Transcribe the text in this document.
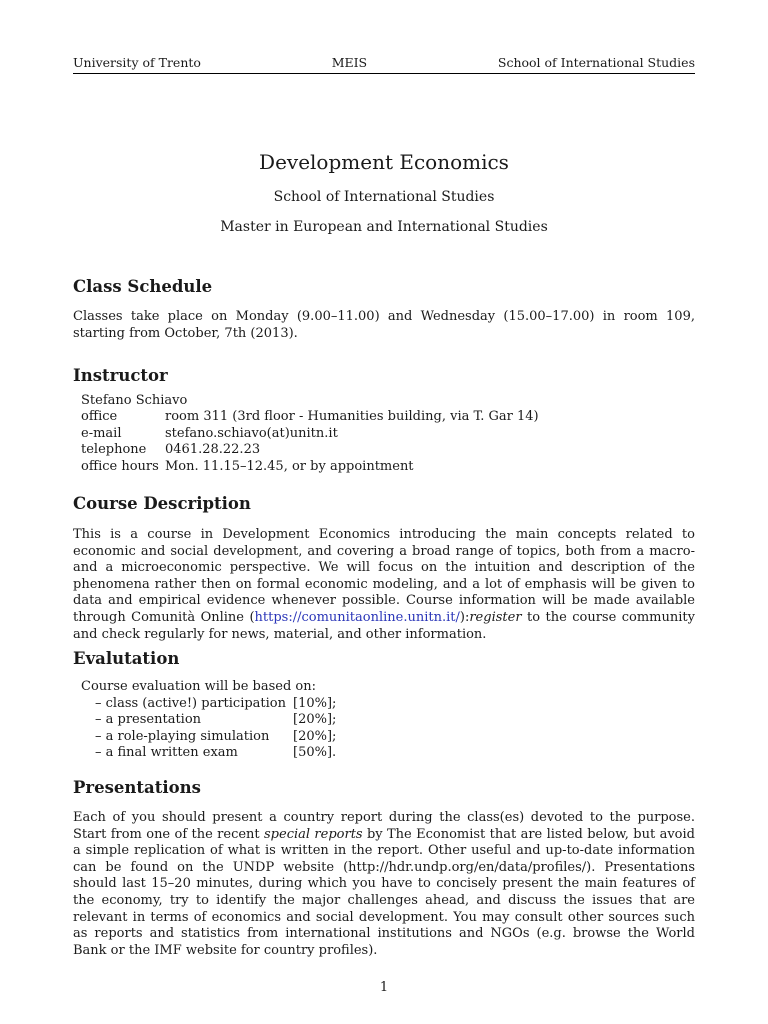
University of Trento	MEIS	School of International Studies
Development Economics
School of International Studies
Master in European and International Studies
Class Schedule

Classes take place on Monday (9.00–11.00) and Wednesday (15.00–17.00) in room 109, starting from October, 7th (2013).

Instructor
Stefano Schiavo	
office	room 311 (3rd floor - Humanities building, via T. Gar 14)
e-mail	stefano.schiavo(at)unitn.it
telephone	0461.28.22.23
office hours	Mon. 11.15–12.45, or by appointment
Course Description

This is a course in Development Economics introducing the main concepts related to economic and social development, and covering a broad range of topics, both from a macro- and a microeconomic perspective. We will focus on the intuition and description of the phenomena rather then on formal economic modeling, and a lot of emphasis will be given to data and empirical evidence whenever possible. Course information will be made available through Comunità Online (https://comunitaonline.unitn.it/):register to the course community and check regularly for news, material, and other information.

Evalutation
Course evaluation will be based on:
– class (active!) participation	[10%];
– a presentation	[20%];
– a role-playing simulation	[20%];
– a final written exam	[50%].
Presentations

Each of you should present a country report during the class(es) devoted to the purpose. Start from one of the recent special reports by The Economist that are listed below, but avoid a simple replication of what is written in the report. Other useful and up-to-date information can be found on the UNDP website (http://hdr.undp.org/en/data/profiles/). Presentations should last 15–20 minutes, during which you have to concisely present the main features of the economy, try to identify the major challenges ahead, and discuss the issues that are relevant in terms of economics and social development. You may consult other sources such as reports and statistics from international institutions and NGOs (e.g. browse the World Bank or the IMF website for country profiles).

1
